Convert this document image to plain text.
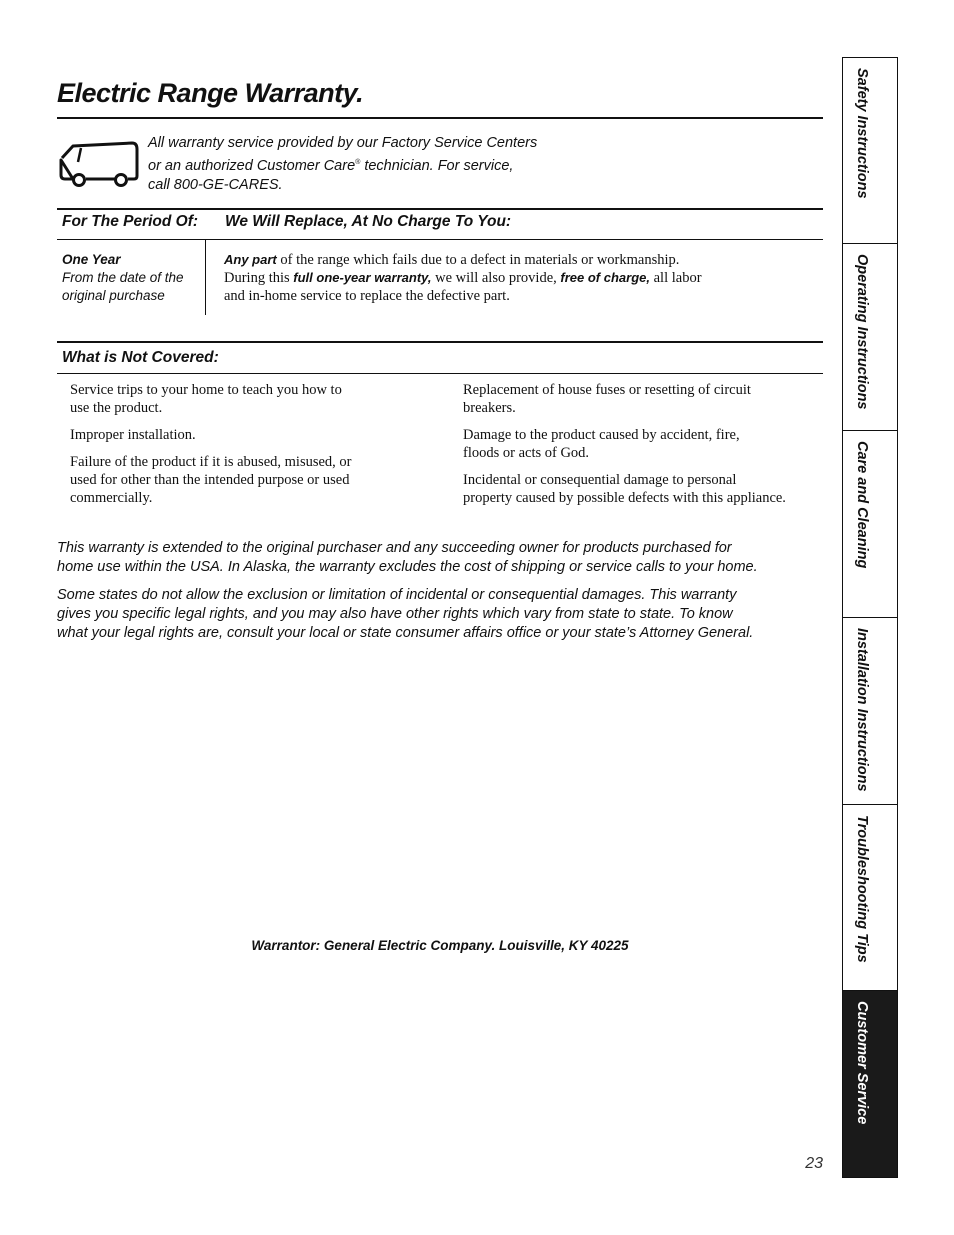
Electric Range Warranty.
All warranty service provided by our Factory Service Centers
or an authorized Customer Care® technician. For service,
call 800-GE-CARES.
For The Period Of: We Will Replace, At No Charge To You:
One Year
From the date of the
original purchase
Any part of the range which fails due to a defect in materials or workmanship.
During this full one-year warranty, we will also provide, free of charge, all labor
and in-home service to replace the defective part.
What is Not Covered:

Service trips to your home to teach you how to
use the product.

Improper installation.

Failure of the product if it is abused, misused, or
used for other than the intended purpose or used
commercially.

Replacement of house fuses or resetting of circuit
breakers.

Damage to the product caused by accident, fire,
floods or acts of God.

Incidental or consequential damage to personal
property caused by possible defects with this appliance.

This warranty is extended to the original purchaser and any succeeding owner for products purchased for
home use within the USA. In Alaska, the warranty excludes the cost of shipping or service calls to your home.
Some states do not allow the exclusion or limitation of incidental or consequential damages. This warranty
gives you specific legal rights, and you may also have other rights which vary from state to state. To know
what your legal rights are, consult your local or state consumer affairs office or your state’s Attorney General.
Warrantor: General Electric Company. Louisville, KY 40225
23
Safety Instructions
Operating Instructions
Care and Cleaning
Installation Instructions
Troubleshooting Tips
Customer Service
